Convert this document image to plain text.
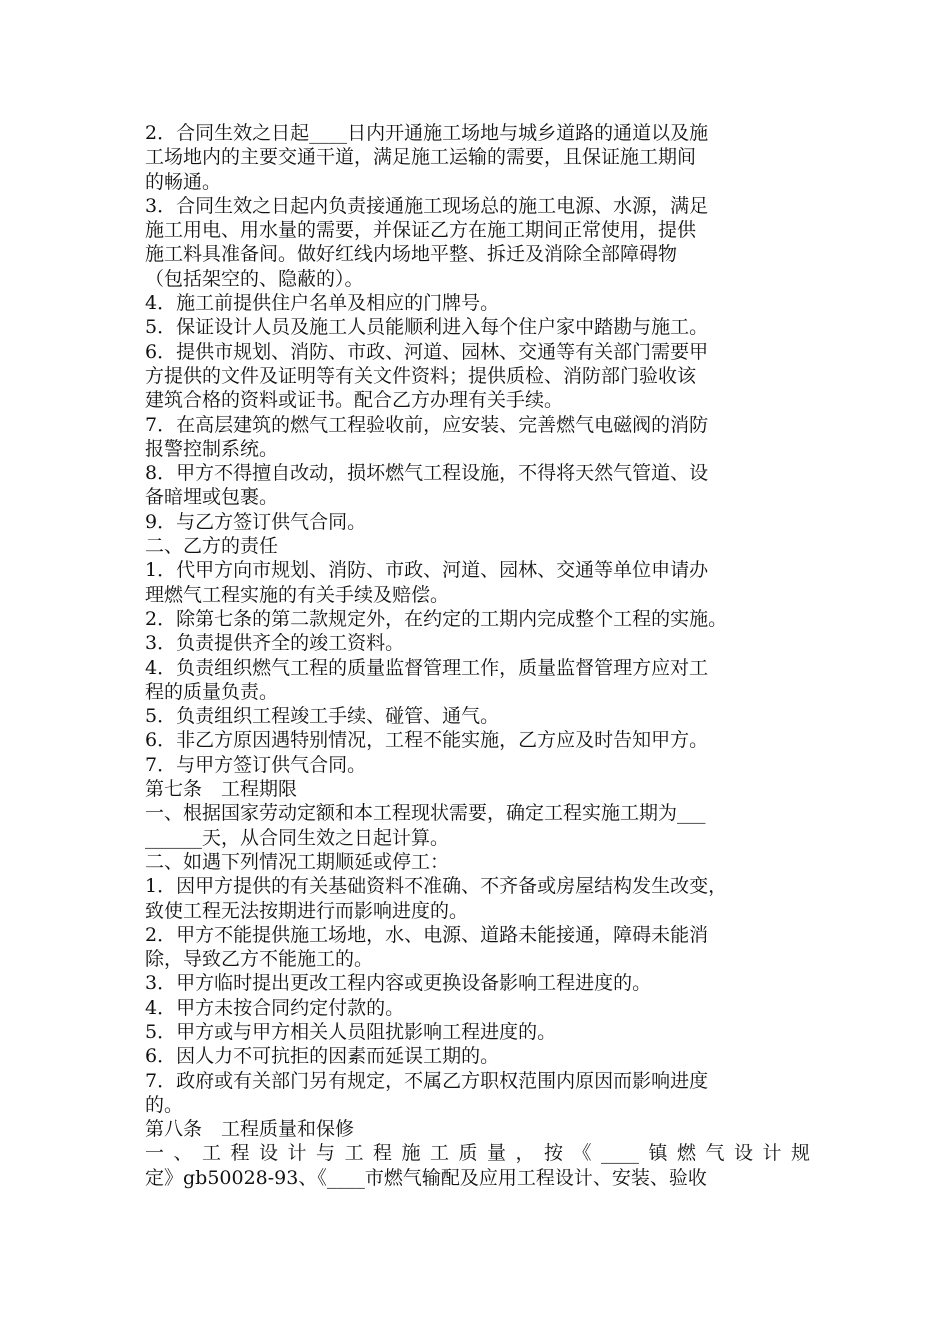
2．合同生效之日起____日内开通施工场地与城乡道路的通道以及施
工场地内的主要交通干道，满足施工运输的需要，且保证施工期间
的畅通。
3．合同生效之日起内负责接通施工现场总的施工电源、水源，满足
施工用电、用水量的需要，并保证乙方在施工期间正常使用，提供
施工料具准备间。做好红线内场地平整、拆迁及消除全部障碍物
（包括架空的、隐蔽的）。
4．施工前提供住户名单及相应的门牌号。
5．保证设计人员及施工人员能顺利进入每个住户家中踏勘与施工。
6．提供市规划、消防、市政、河道、园林、交通等有关部门需要甲
方提供的文件及证明等有关文件资料；提供质检、消防部门验收该
建筑合格的资料或证书。配合乙方办理有关手续。
7．在高层建筑的燃气工程验收前，应安装、完善燃气电磁阀的消防
报警控制系统。
8．甲方不得擅自改动，损坏燃气工程设施，不得将天然气管道、设
备暗埋或包裹。
9．与乙方签订供气合同。
二、乙方的责任
1．代甲方向市规划、消防、市政、河道、园林、交通等单位申请办
理燃气工程实施的有关手续及赔偿。
2．除第七条的第二款规定外，在约定的工期内完成整个工程的实施。
3．负责提供齐全的竣工资料。
4．负责组织燃气工程的质量监督管理工作，质量监督管理方应对工
程的质量负责。
5．负责组织工程竣工手续、碰管、通气。
6．非乙方原因遇特别情况，工程不能实施，乙方应及时告知甲方。
7．与甲方签订供气合同。
第七条　工程期限
一、根据国家劳动定额和本工程现状需要，确定工程实施工期为___
______天，从合同生效之日起计算。
二、如遇下列情况工期顺延或停工：
1．因甲方提供的有关基础资料不准确、不齐备或房屋结构发生改变，
致使工程无法按期进行而影响进度的。
2．甲方不能提供施工场地，水、电源、道路未能接通，障碍未能消
除，导致乙方不能施工的。
3．甲方临时提出更改工程内容或更换设备影响工程进度的。
4．甲方未按合同约定付款的。
5．甲方或与甲方相关人员阻扰影响工程进度的。
6．因人力不可抗拒的因素而延误工期的。
7．政府或有关部门另有规定，不属乙方职权范围内原因而影响进度
的。
第八条　工程质量和保修
一、工程设计与工程施工质量，按《____镇燃气设计规
定》gb50028-93、《____市燃气输配及应用工程设计、安装、验收
